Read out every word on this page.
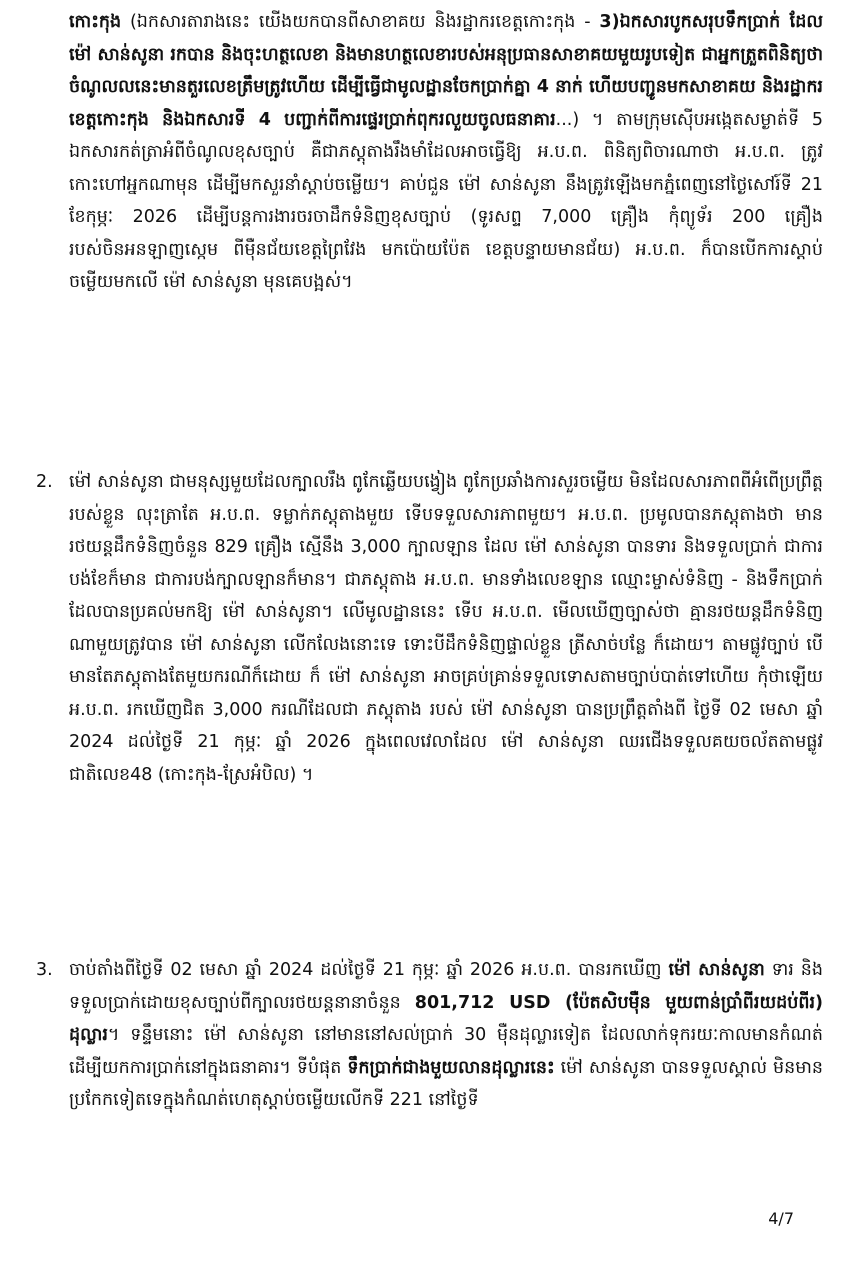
កោះកុង (ឯកសារតារាងនេះ យើងយកបានពីសាខាគយ និងរដ្ឋាករខេត្តកោះកុង - 3)ឯកសារបូកសរុបទឹកប្រាក់ ដែល ម៉ៅ សាន់សូនា រកបាន និងចុះហត្ថលេខា និងមានហត្ថលេខារបស់អនុប្រធានសាខាគយមួយរូបទៀត ជាអ្នកត្រួតពិនិត្យថា ចំណូលលនេះមានតួរលេខត្រឹមត្រូវហើយ ដើម្បីធ្វើជាមូលដ្ឋានចែកប្រាក់គ្នា 4 នាក់ ហើយបញ្ជូនមកសាខាគយ និងរដ្ឋាករខេត្តកោះកុង និងឯកសារទី 4 បញ្ជាក់ពីការផ្ទេរប្រាក់ពុករលួយចូលធនាគារ...) ។ តាមក្រុមស៊ើបអង្កេតសម្ងាត់ទី 5 ឯកសារកត់ត្រាអំពីចំណូលខុសច្បាប់ គឺជាភស្តុតាងរឹងមាំដែលអាចធ្វើឱ្យ អ.ប.ព. ពិនិត្យពិចារណាថា អ.ប.ព. ត្រូវកោះហៅអ្នកណាមុន ដើម្បីមកសួរនាំស្តាប់ចម្លើយ។ គាប់ជួន ម៉ៅ សាន់សូនា នឹងត្រូវឡើងមកភ្នំពេញនៅថ្ងៃសៅរ៍ទី 21 ខែកុម្ភៈ 2026 ដើម្បីបន្តការងារចរចាដឹកទំនិញខុសច្បាប់ (ទូរសព្ទ 7,000 គ្រឿង កុំព្យូទ័រ 200 គ្រឿង របស់ចិនអនឡាញស្កេម ពីម៉ឺនជ័យខេត្តព្រៃវែង មកប៉ោយប៉ែត ខេត្តបន្ទាយមានជ័យ) អ.ប.ព. ក៏បានបើកការស្តាប់ចម្លើយមកលើ ម៉ៅ សាន់សូនា មុនគេបង្អស់។

2. ម៉ៅ សាន់សូនា ជាមនុស្សមួយដែលក្បាលរឹង ពូកែឆ្លើយបង្វៀង ពូកែប្រឆាំងការសួរចម្លើយ មិនដែលសារភាពពីអំពើប្រព្រឹត្តរបស់ខ្លួន លុះត្រាតែ អ.ប.ព. ទម្លាក់ភស្តុតាងមួយ ទើបទទួលសារភាពមួយ។ អ.ប.ព. ប្រមូលបានភស្តុតាងថា មានរថយន្តដឹកទំនិញចំនួន 829 គ្រឿង ស្មើនឹង 3,000 ក្បាលឡាន ដែល ម៉ៅ សាន់សូនា បានទារ និងទទួលប្រាក់ ជាការបង់ខែក៏មាន ជាការបង់ក្បាលឡានក៏មាន។ ជាភស្តុតាង អ.ប.ព. មានទាំងលេខឡាន ឈ្មោះម្ចាស់ទំនិញ - និងទឹកប្រាក់ដែលបានប្រគល់មកឱ្យ ម៉ៅ សាន់សូនា។ លើមូលដ្ឋាននេះ ទើប អ.ប.ព. មើលឃើញច្បាស់ថា គ្មានរថយន្តដឹកទំនិញណាមួយត្រូវបាន ម៉ៅ សាន់សូនា លើកលែងនោះទេ ទោះបីដឹកទំនិញផ្ទាល់ខ្លួន ត្រីសាច់បន្លែ ក៏ដោយ។ តាមផ្លូវច្បាប់ បើមានតែភស្តុតាងតែមួយករណីក៏ដោយ ក៏ ម៉ៅ សាន់សូនា អាចគ្រប់គ្រាន់ទទួលទោសតាមច្បាប់បាត់ទៅហើយ កុំថាឡើយ អ.ប.ព. រកឃើញជិត 3,000 ករណីដែលជា ភស្តុតាង របស់ ម៉ៅ សាន់សូនា បានប្រព្រឹត្តតាំងពី ថ្ងៃទី 02 មេសា ឆ្នាំ 2024 ដល់ថ្ងៃទី 21 កុម្ភៈ ឆ្នាំ 2026 ក្នុងពេលវេលាដែល ម៉ៅ សាន់សូនា ឈរជើងទទួលគយចល័តតាមផ្លូវជាតិលេខ48 (កោះកុង-ស្រែអំបិល) ។

3. ចាប់តាំងពីថ្ងៃទី 02 មេសា ឆ្នាំ 2024 ដល់ថ្ងៃទី 21 កុម្ភៈ ឆ្នាំ 2026 អ.ប.ព. បានរកឃើញ ម៉ៅ សាន់សូនា ទារ និងទទួលប្រាក់ដោយខុសច្បាប់ពីក្បាលរថយន្តនានាចំនួន 801,712 USD (ប៉ែតសិបម៉ឺន មួយពាន់ប្រាំពីរយដប់ពីរ) ដុល្លារ។ ទន្ទឹមនោះ ម៉ៅ សាន់សូនា នៅមាននៅសល់ប្រាក់ 30 ម៉ឺនដុល្លារទៀត ដែលលាក់ទុករយៈកាលមានកំណត់ដើម្បីយកការប្រាក់នៅក្នុងធនាគារ។ ទីបំផុត ទឹកប្រាក់ជាងមួយលានដុល្លារនេះ ម៉ៅ សាន់សូនា បានទទួលស្គាល់ មិនមានប្រកែកទៀតទេក្នុងកំណត់ហេតុស្តាប់ចម្លើយលើកទី 221 នៅថ្ងៃទី

4/7
